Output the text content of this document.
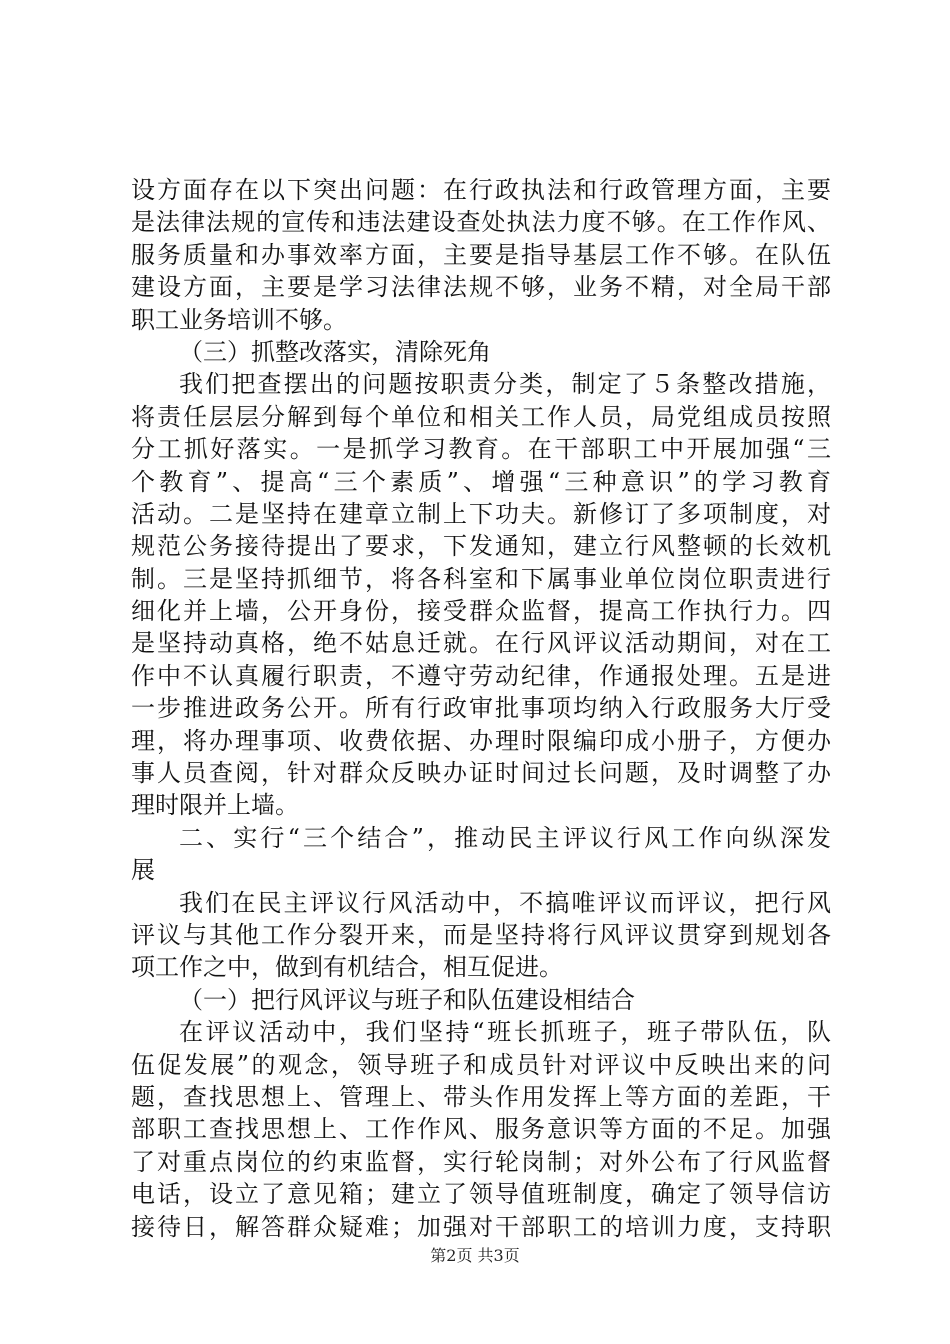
设方面存在以下突出问题：在行政执法和行政管理方面，主要
是法律法规的宣传和违法建设查处执法力度不够。在工作作风、
服务质量和办事效率方面，主要是指导基层工作不够。在队伍
建设方面，主要是学习法律法规不够，业务不精，对全局干部
职工业务培训不够。
（三）抓整改落实，清除死角
我们把查摆出的问题按职责分类，制定了５条整改措施，
将责任层层分解到每个单位和相关工作人员，局党组成员按照
分工抓好落实。一是抓学习教育。在干部职工中开展加强“三
个教育”、提高“三个素质”、增强“三种意识”的学习教育
活动。二是坚持在建章立制上下功夫。新修订了多项制度，对
规范公务接待提出了要求，下发通知，建立行风整顿的长效机
制。三是坚持抓细节，将各科室和下属事业单位岗位职责进行
细化并上墙，公开身份，接受群众监督，提高工作执行力。四
是坚持动真格，绝不姑息迁就。在行风评议活动期间，对在工
作中不认真履行职责，不遵守劳动纪律，作通报处理。五是进
一步推进政务公开。所有行政审批事项均纳入行政服务大厅受
理，将办理事项、收费依据、办理时限编印成小册子，方便办
事人员查阅，针对群众反映办证时间过长问题，及时调整了办
理时限并上墙。
二、实行“三个结合”，推动民主评议行风工作向纵深发
展
我们在民主评议行风活动中，不搞唯评议而评议，把行风
评议与其他工作分裂开来，而是坚持将行风评议贯穿到规划各
项工作之中，做到有机结合，相互促进。
（一）把行风评议与班子和队伍建设相结合
在评议活动中，我们坚持“班长抓班子，班子带队伍，队
伍促发展”的观念，领导班子和成员针对评议中反映出来的问
题，查找思想上、管理上、带头作用发挥上等方面的差距，干
部职工查找思想上、工作作风、服务意识等方面的不足。加强
了对重点岗位的约束监督，实行轮岗制；对外公布了行风监督
电话，设立了意见箱；建立了领导值班制度，确定了领导信访
接待日，解答群众疑难；加强对干部职工的培训力度，支持职
第2页 共3页
